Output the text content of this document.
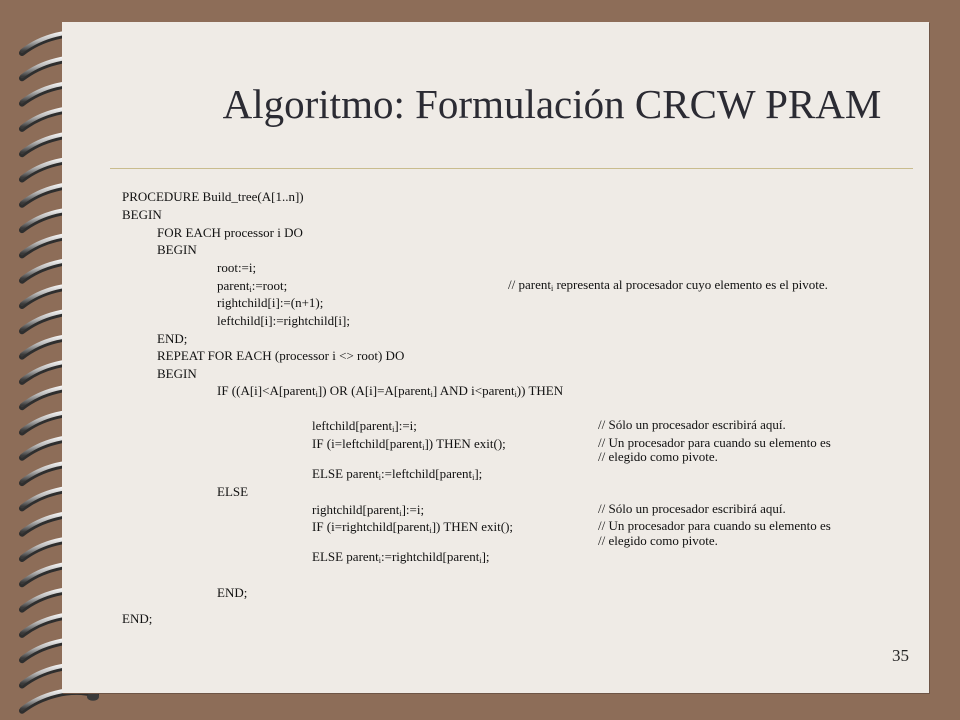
Algoritmo: Formulación CRCW PRAM
PROCEDURE Build_tree(A[1..n])
BEGIN
FOR EACH processor i DO
BEGIN
root:=i;
parent$_i$:=root;
rightchild[i]:=(n+1);
leftchild[i]:=rightchild[i];
END;
REPEAT FOR EACH (processor i <> root) DO
BEGIN
IF ((A[i]<A[parent$_i$]) OR (A[i]=A[parent$_i$] AND i<parent$_i$)) THEN
leftchild[parent$_i$]:=i;
IF (i=leftchild[parent$_i$]) THEN exit();
ELSE parent$_i$:=leftchild[parent$_i$];
ELSE
rightchild[parent$_i$]:=i;
IF (i=rightchild[parent$_i$]) THEN exit();
ELSE parent$_i$:=rightchild[parent$_i$];
END;
END;
// parent$_i$ representa al procesador cuyo elemento es el pivote.
// Sólo un procesador escribirá aquí.
// Un procesador para cuando su elemento es
// elegido como pivote.
// Sólo un procesador escribirá aquí.
// Un procesador para cuando su elemento es
// elegido como pivote.
35
